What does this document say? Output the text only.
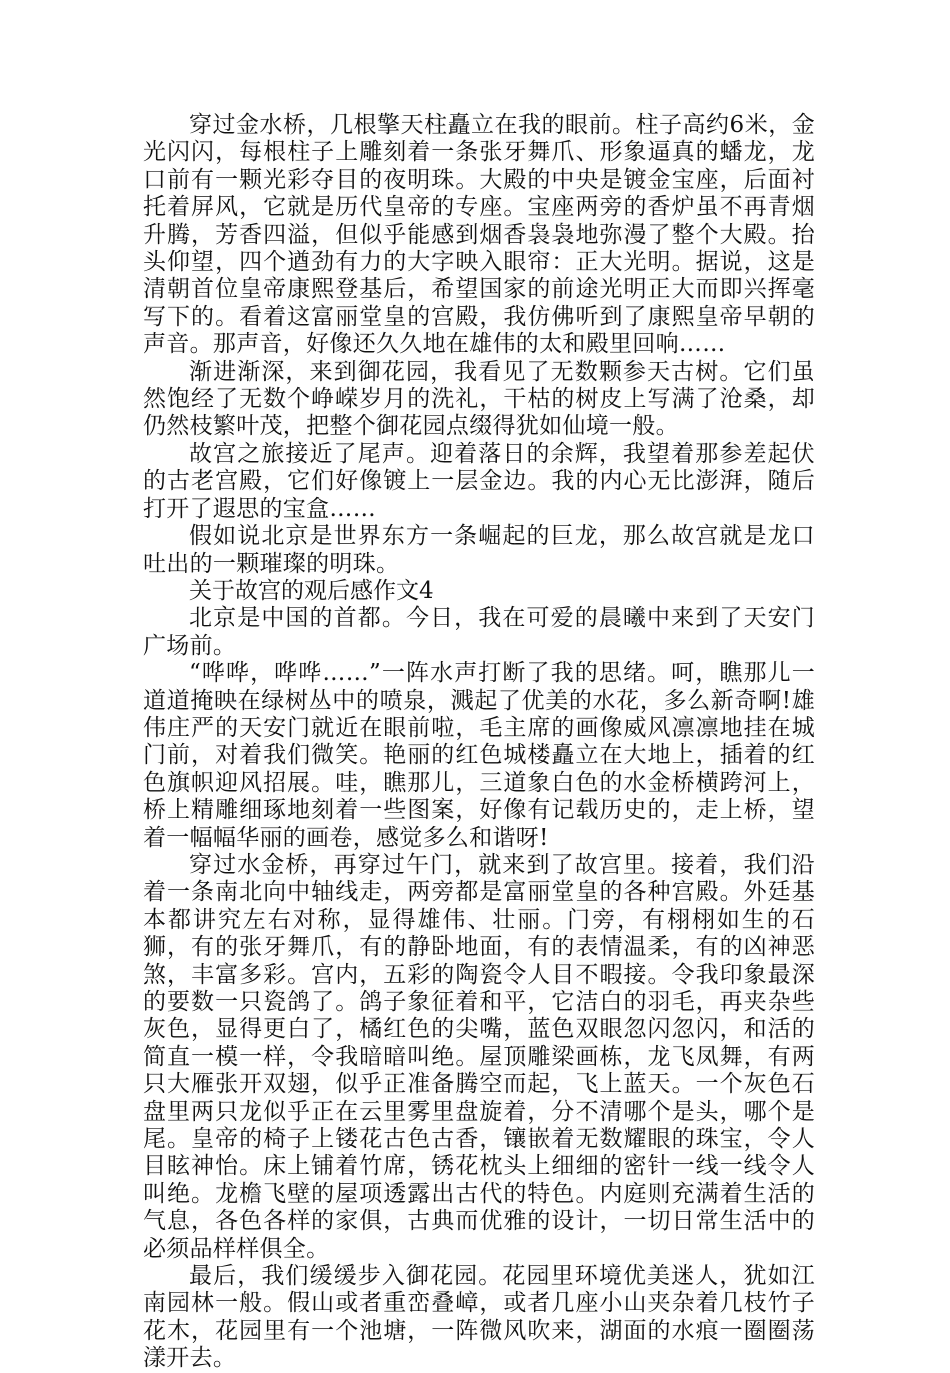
穿过金水桥，几根擎天柱矗立在我的眼前。柱子高约6米，金光闪闪，每根柱子上雕刻着一条张牙舞爪、形象逼真的蟠龙，龙口前有一颗光彩夺目的夜明珠。大殿的中央是镀金宝座，后面衬托着屏风，它就是历代皇帝的专座。宝座两旁的香炉虽不再青烟升腾，芳香四溢，但似乎能感到烟香袅袅地弥漫了整个大殿。抬头仰望，四个遒劲有力的大字映入眼帘：正大光明。据说，这是清朝首位皇帝康熙登基后，希望国家的前途光明正大而即兴挥毫写下的。看着这富丽堂皇的宫殿，我仿佛听到了康熙皇帝早朝的声音。那声音，好像还久久地在雄伟的太和殿里回响……

渐进渐深，来到御花园，我看见了无数颗参天古树。它们虽然饱经了无数个峥嵘岁月的洗礼，干枯的树皮上写满了沧桑，却仍然枝繁叶茂，把整个御花园点缀得犹如仙境一般。

故宫之旅接近了尾声。迎着落日的余辉，我望着那参差起伏的古老宫殿，它们好像镀上一层金边。我的内心无比澎湃，随后打开了遐思的宝盒……

假如说北京是世界东方一条崛起的巨龙，那么故宫就是龙口吐出的一颗璀璨的明珠。

关于故宫的观后感作文4

北京是中国的首都。今日，我在可爱的晨曦中来到了天安门广场前。

“哗哗，哗哗……”一阵水声打断了我的思绪。呵，瞧那儿一道道掩映在绿树丛中的喷泉，溅起了优美的水花，多么新奇啊!雄伟庄严的天安门就近在眼前啦，毛主席的画像威风凛凛地挂在城门前，对着我们微笑。艳丽的红色城楼矗立在大地上，插着的红色旗帜迎风招展。哇，瞧那儿，三道象白色的水金桥横跨河上，桥上精雕细琢地刻着一些图案，好像有记载历史的，走上桥，望着一幅幅华丽的画卷，感觉多么和谐呀!

穿过水金桥，再穿过午门，就来到了故宫里。接着，我们沿着一条南北向中轴线走，两旁都是富丽堂皇的各种宫殿。外廷基本都讲究左右对称，显得雄伟、壮丽。门旁，有栩栩如生的石狮，有的张牙舞爪，有的静卧地面，有的表情温柔，有的凶神恶煞，丰富多彩。宫内，五彩的陶瓷令人目不暇接。令我印象最深的要数一只瓷鸽了。鸽子象征着和平，它洁白的羽毛，再夹杂些灰色，显得更白了，橘红色的尖嘴，蓝色双眼忽闪忽闪，和活的简直一模一样，令我暗暗叫绝。屋顶雕梁画栋，龙飞凤舞，有两只大雁张开双翅，似乎正准备腾空而起，飞上蓝天。一个灰色石盘里两只龙似乎正在云里雾里盘旋着，分不清哪个是头，哪个是尾。皇帝的椅子上镂花古色古香，镶嵌着无数耀眼的珠宝，令人目眩神怡。床上铺着竹席，锈花枕头上细细的密针一线一线令人叫绝。龙檐飞壁的屋项透露出古代的特色。内庭则充满着生活的气息，各色各样的家俱，古典而优雅的设计，一切日常生活中的必须品样样俱全。

最后，我们缓缓步入御花园。花园里环境优美迷人，犹如江南园林一般。假山或者重峦叠嶂，或者几座小山夹杂着几枝竹子花木，花园里有一个池塘，一阵微风吹来，湖面的水痕一圈圈荡漾开去。
